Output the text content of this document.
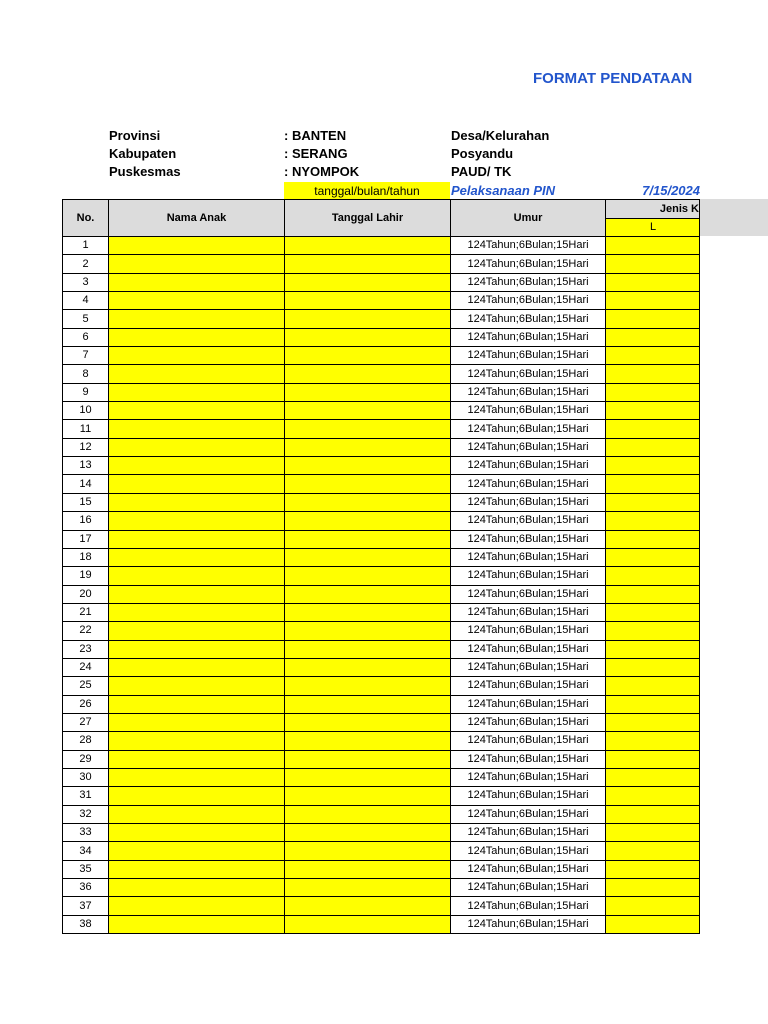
FORMAT PENDATAAN
Provinsi	: BANTEN
Kabupaten	: SERANG
Puskesmas	: NYOMPOK
Desa/Kelurahan
Posyandu
PAUD/ TK
tanggal/bulan/tahun	Pelaksanaan PIN	7/15/2024
No.	Nama Anak	Tanggal Lahir	Umur	Jenis K
				L
1			124Tahun;6Bulan;15Hari	
2			124Tahun;6Bulan;15Hari	
3			124Tahun;6Bulan;15Hari	
4			124Tahun;6Bulan;15Hari	
5			124Tahun;6Bulan;15Hari	
6			124Tahun;6Bulan;15Hari	
7			124Tahun;6Bulan;15Hari	
8			124Tahun;6Bulan;15Hari	
9			124Tahun;6Bulan;15Hari	
10			124Tahun;6Bulan;15Hari	
11			124Tahun;6Bulan;15Hari	
12			124Tahun;6Bulan;15Hari	
13			124Tahun;6Bulan;15Hari	
14			124Tahun;6Bulan;15Hari	
15			124Tahun;6Bulan;15Hari	
16			124Tahun;6Bulan;15Hari	
17			124Tahun;6Bulan;15Hari	
18			124Tahun;6Bulan;15Hari	
19			124Tahun;6Bulan;15Hari	
20			124Tahun;6Bulan;15Hari	
21			124Tahun;6Bulan;15Hari	
22			124Tahun;6Bulan;15Hari	
23			124Tahun;6Bulan;15Hari	
24			124Tahun;6Bulan;15Hari	
25			124Tahun;6Bulan;15Hari	
26			124Tahun;6Bulan;15Hari	
27			124Tahun;6Bulan;15Hari	
28			124Tahun;6Bulan;15Hari	
29			124Tahun;6Bulan;15Hari	
30			124Tahun;6Bulan;15Hari	
31			124Tahun;6Bulan;15Hari	
32			124Tahun;6Bulan;15Hari	
33			124Tahun;6Bulan;15Hari	
34			124Tahun;6Bulan;15Hari	
35			124Tahun;6Bulan;15Hari	
36			124Tahun;6Bulan;15Hari	
37			124Tahun;6Bulan;15Hari	
38			124Tahun;6Bulan;15Hari	
